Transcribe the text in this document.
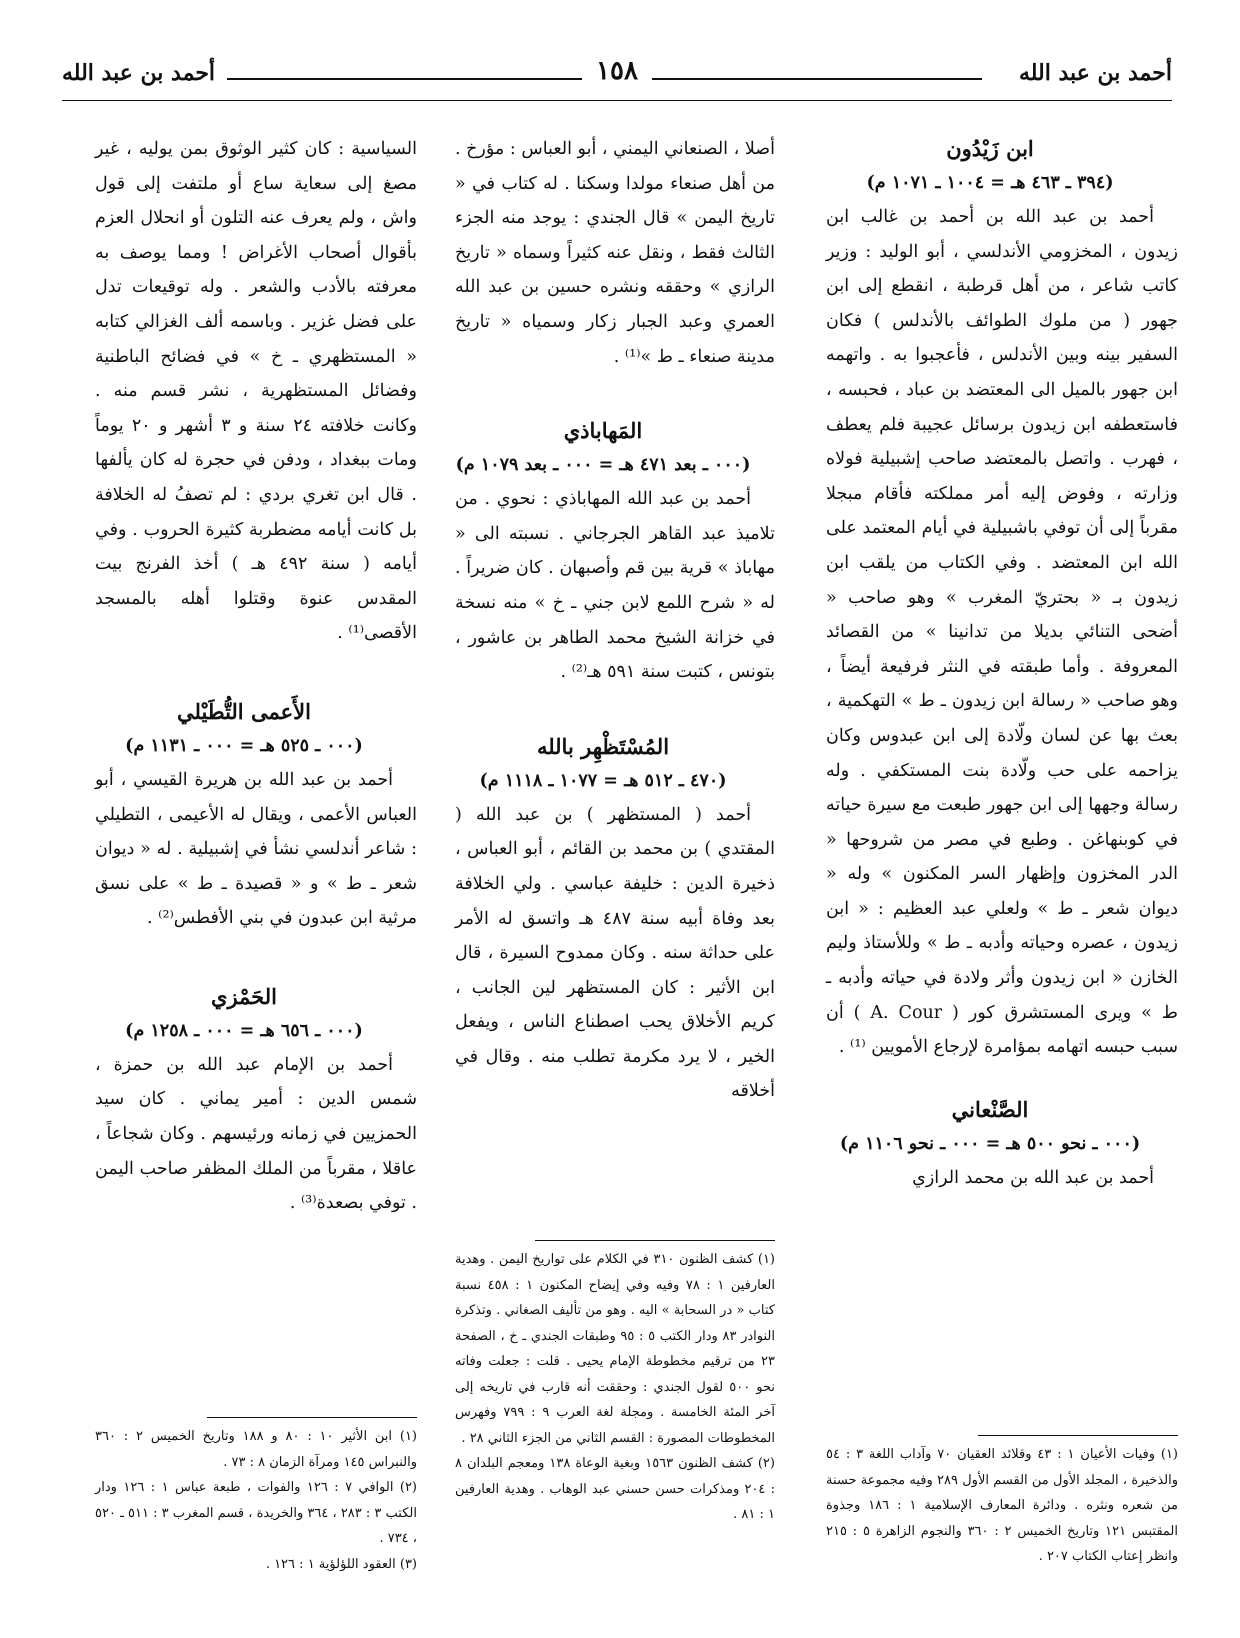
أحمد بن عبد الله
١٥٨
أحمد بن عبد الله

ابن زَيْدُون

(٣٩٤ ـ ٤٦٣ هـ = ١٠٠٤ ـ ١٠٧١ م)

أحمد بن عبد الله بن أحمد بن غالب ابن زيدون ، المخزومي الأندلسي ، أبو الوليد : وزير كاتب شاعر ، من أهل قرطبة ، انقطع إلى ابن جهور ( من ملوك الطوائف بالأندلس ) فكان السفير بينه وبين الأندلس ، فأعجبوا به . واتهمه ابن جهور بالميل الى المعتضد بن عباد ، فحبسه ، فاستعطفه ابن زيدون برسائل عجيبة فلم يعطف ، فهرب . واتصل بالمعتضد صاحب إشبيلية فولاه وزارته ، وفوض إليه أمر مملكته فأقام مبجلا مقرباً إلى أن توفي باشبيلية في أيام المعتمد على الله ابن المعتضد . وفي الكتاب من يلقب ابن زيدون بـ « بحتريّ المغرب » وهو صاحب « أضحى التنائي بديلا من تدانينا » من القصائد المعروفة . وأما طبقته في النثر فرفيعة أيضاً ، وهو صاحب « رسالة ابن زيدون ـ ط » التهكمية ، بعث بها عن لسان ولّادة إلى ابن عبدوس وكان يزاحمه على حب ولّادة بنت المستكفي . وله رسالة وجهها إلى ابن جهور طبعت مع سيرة حياته في كوبنهاغن . وطبع في مصر من شروحها « الدر المخزون وإظهار السر المكنون » وله « ديوان شعر ـ ط » ولعلي عبد العظيم : « ابن زيدون ، عصره وحياته وأدبه ـ ط » وللأستاذ وليم الخازن « ابن زيدون وأثر ولادة في حياته وأدبه ـ ط » ويرى المستشرق كور ( A. Cour ) أن سبب حبسه اتهامه بمؤامرة لإرجاع الأمويين ⁽¹⁾ .

الصَّنْعاني

(٠٠٠ ـ نحو ٥٠٠ هـ = ٠٠٠ ـ نحو ١١٠٦ م)

أحمد بن عبد الله بن محمد الرازي

(١) وفيات الأعيان ١ : ٤٣ وقلائد العقيان ٧٠ وآداب اللغة ٣ : ٥٤ والذخيرة ، المجلد الأول من القسم الأول ٢٨٩ وفيه مجموعة حسنة من شعره ونثره . ودائرة المعارف الإسلامية ١ : ١٨٦ وجذوة المقتبس ١٢١ وتاريخ الخميس ٢ : ٣٦٠ والنجوم الزاهرة ٥ : ٢١٥ وانظر إعتاب الكتاب ٢٠٧ .

أصلا ، الصنعاني اليمني ، أبو العباس : مؤرخ . من أهل صنعاء مولدا وسكنا . له كتاب في « تاريخ اليمن » قال الجندي : يوجد منه الجزء الثالث فقط ، ونقل عنه كثيراً وسماه « تاريخ الرازي » وحققه ونشره حسين بن عبد الله العمري وعبد الجبار زكار وسمياه « تاريخ مدينة صنعاء ـ ط »⁽¹⁾ .

المَهاباذي

(٠٠٠ ـ بعد ٤٧١ هـ = ٠٠٠ ـ بعد ١٠٧٩ م)

أحمد بن عبد الله المهاباذي : نحوي . من تلاميذ عبد القاهر الجرجاني . نسبته الى « مهاباذ » قرية بين قم وأصبهان . كان ضريراً . له « شرح اللمع لابن جني ـ خ » منه نسخة في خزانة الشيخ محمد الطاهر بن عاشور ، بتونس ، كتبت سنة ٥٩١ هـ⁽²⁾ .

المُسْتَظْهِر بالله

(٤٧٠ ـ ٥١٢ هـ = ١٠٧٧ ـ ١١١٨ م)

أحمد ( المستظهر ) بن عبد الله ( المقتدي ) بن محمد بن القائم ، أبو العباس ، ذخيرة الدين : خليفة عباسي . ولي الخلافة بعد وفاة أبيه سنة ٤٨٧ هـ واتسق له الأمر على حداثة سنه . وكان ممدوح السيرة ، قال ابن الأثير : كان المستظهر لين الجانب ، كريم الأخلاق يحب اصطناع الناس ، ويفعل الخير ، لا يرد مكرمة تطلب منه . وقال في أخلاقه

(١) كشف الظنون ٣١٠ في الكلام على تواريخ اليمن . وهدية العارفين ١ : ٧٨ وفيه وفي إيضاح المكنون ١ : ٤٥٨ نسبة كتاب « در السحابة » اليه . وهو من تأليف الصغاني . وتذكرة النوادر ٨٣ ودار الكتب ٥ : ٩٥ وطبقات الجندي ـ خ ، الصفحة ٢٣ من ترقيم مخطوطة الإمام يحيى . قلت : جعلت وفاته نحو ٥٠٠ لقول الجندي : وحققت أنه قارب في تاريخه إلى آخر المئة الخامسة . ومجلة لغة العرب ٩ : ٧٩٩ وفهرس المخطوطات المصورة : القسم الثاني من الجزء الثاني ٢٨ .
(٢) كشف الظنون ١٥٦٣ وبغية الوعاة ١٣٨ ومعجم البلدان ٨ : ٢٠٤ ومذكرات حسن حسني عبد الوهاب . وهدية العارفين ١ : ٨١ .

السياسية : كان كثير الوثوق بمن يوليه ، غير مصغ إلى سعاية ساع أو ملتفت إلى قول واش ، ولم يعرف عنه التلون أو انحلال العزم بأقوال أصحاب الأغراض ! ومما يوصف به معرفته بالأدب والشعر . وله توقيعات تدل على فضل غزير . وباسمه ألف الغزالي كتابه « المستظهري ـ خ » في فضائح الباطنية وفضائل المستظهرية ، نشر قسم منه . وكانت خلافته ٢٤ سنة و ٣ أشهر و ٢٠ يوماً ومات ببغداد ، ودفن في حجرة له كان يألفها . قال ابن تغري بردي : لم تصفُ له الخلافة بل كانت أيامه مضطربة كثيرة الحروب . وفي أيامه ( سنة ٤٩٢ هـ ) أخذ الفرنج بيت المقدس عنوة وقتلوا أهله بالمسجد الأقصى⁽¹⁾ .

الأَعمى التُّطَيْلي

(٠٠٠ ـ ٥٢٥ هـ = ٠٠٠ ـ ١١٣١ م)

أحمد بن عبد الله بن هريرة القيسي ، أبو العباس الأعمى ، ويقال له الأعيمى ، التطيلي : شاعر أندلسي نشأ في إشبيلية . له « ديوان شعر ـ ط » و « قصيدة ـ ط » على نسق مرثية ابن عبدون في بني الأفطس⁽²⁾ .

الحَمْزي

(٠٠٠ ـ ٦٥٦ هـ = ٠٠٠ ـ ١٢٥٨ م)

أحمد بن الإمام عبد الله بن حمزة ، شمس الدين : أمير يماني . كان سيد الحمزيين في زمانه ورئيسهم . وكان شجاعاً ، عاقلا ، مقرباً من الملك المظفر صاحب اليمن . توفي بصعدة⁽³⁾ .

(١) ابن الأثير ١٠ : ٨٠ و ١٨٨ وتاريخ الخميس ٢ : ٣٦٠ والنبراس ١٤٥ ومرآة الزمان ٨ : ٧٣ .
(٢) الوافي ٧ : ١٢٦ والفوات ، طبعة عباس ١ : ١٢٦ ودار الكتب ٣ : ٢٨٣ ، ٣٦٤ والخريدة ، قسم المغرب ٣ : ٥١١ ـ ٥٢٠ ، ٧٣٤ .
(٣) العقود اللؤلؤية ١ : ١٢٦ .
